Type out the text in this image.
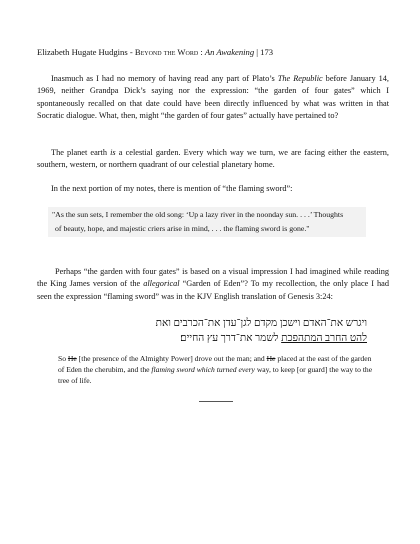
Elizabeth Hugate Hudgins - Beyond the Word : An Awakening | 173

Inasmuch as I had no memory of having read any part of Plato’s The Republic before January 14, 1969, neither Grandpa Dick’s saying nor the expression: “the garden of four gates” which I spontaneously recalled on that date could have been directly influenced by what was written in that Socratic dialogue. What, then, might “the garden of four gates” actually have pertained to?

The planet earth is a celestial garden. Every which way we turn, we are facing either the eastern, southern, western, or northern quadrant of our celestial planetary home.

In the next portion of my notes, there is mention of “the flaming sword”:

"As the sun sets, I remember the old song: ‘Up a lazy river in the noonday sun. . . .’ Thoughts
of beauty, hope, and majestic criers arise in mind, . . . the flaming sword is gone."

Perhaps “the garden with four gates” is based on a visual impression I had imagined while reading the King James version of the allegorical “Garden of Eden”? To my recollection, the only place I had seen the expression “flaming sword” was in the KJV English translation of Genesis 3:24:

ויגרש את־האדם וישכן מקדם לגן־עדן את־הכרבים ואת
להט החרב המתהפכת לשמר את־דרך עץ החיים׃

So He [the presence of the Almighty Power] drove out the man; and He placed at the east of the garden of Eden the cherubim, and the flaming sword which turned every way, to keep [or guard] the way to the tree of life.
